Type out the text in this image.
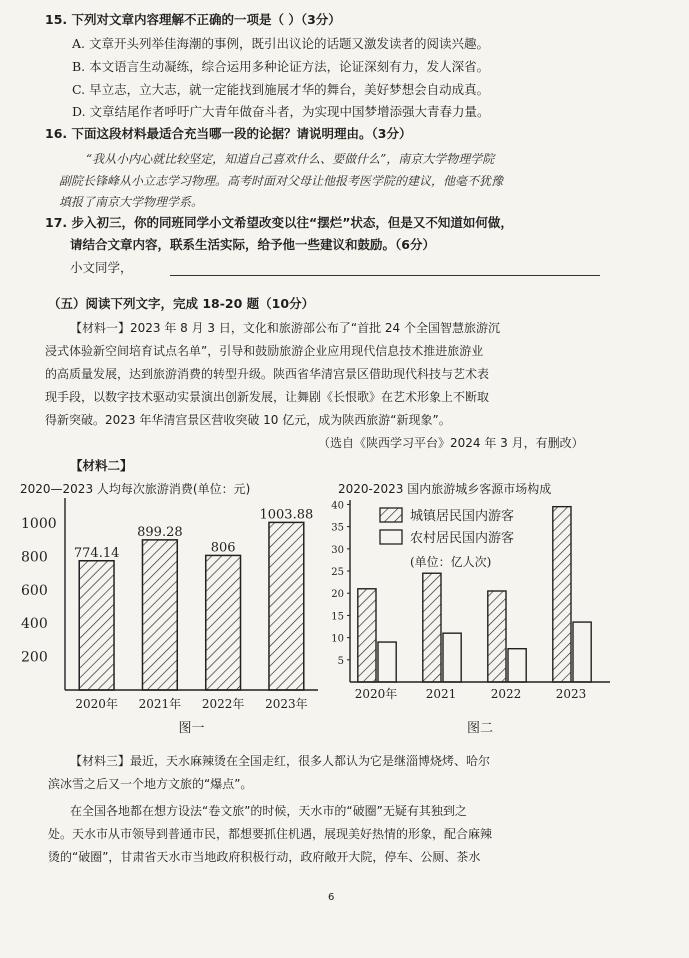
15. 下列对文章内容理解不正确的一项是（ ）（3分）
A. 文章开头列举佳海潮的事例，既引出议论的话题又激发读者的阅读兴趣。
B. 本文语言生动凝练，综合运用多种论证方法，论证深刻有力，发人深省。
C. 早立志，立大志，就一定能找到施展才华的舞台，美好梦想会自动成真。
D. 文章结尾作者呼吁广大青年做奋斗者，为实现中国梦增添强大青春力量。
16. 下面这段材料最适合充当哪一段的论据？请说明理由。（3分）
“我从小内心就比较坚定，知道自己喜欢什么、要做什么”，南京大学物理学院
副院长锋峰从小立志学习物理。高考时面对父母让他报考医学院的建议，他毫不犹豫
填报了南京大学物理学系。
17. 步入初三，你的同班同学小文希望改变以往“摆烂”状态，但是又不知道如何做，
请结合文章内容，联系生活实际，给予他一些建议和鼓励。（6分）
小文同学，
（五）阅读下列文字，完成 18-20 题（10分）
【材料一】2023 年 8 月 3 日，文化和旅游部公布了“首批 24 个全国智慧旅游沉
浸式体验新空间培育试点名单”，引导和鼓励旅游企业应用现代信息技术推进旅游业
的高质量发展，达到旅游消费的转型升级。陕西省华清宫景区借助现代科技与艺术表
现手段，以数字技术驱动实景演出创新发展，让舞剧《长恨歌》在艺术形象上不断取
得新突破。2023 年华清宫景区营收突破 10 亿元，成为陕西旅游“新现象”。
（选自《陕西学习平台》2024 年 3 月，有删改）
【材料二】
2020—2023 人均每次旅游消费(单位：元)	2020-2023 国内旅游城乡客源市场构成
200
400
600
800
1000
774.14
2020年
899.28
2021年
806
2022年
1003.88
2023年
图一
5
10
15
20
25
30
35
40
2020年 2021	2022	2023
城镇居民国内游客
农村居民国内游客
(单位：亿人次)
图二
【材料三】最近，天水麻辣烫在全国走红，很多人都认为它是继淄博烧烤、哈尔
滨冰雪之后又一个地方文旅的“爆点”。
在全国各地都在想方设法“卷文旅”的时候，天水市的“破圈”无疑有其独到之
处。天水市从市领导到普通市民，都想要抓住机遇，展现美好热情的形象，配合麻辣
烫的“破圈”，甘肃省天水市当地政府积极行动，政府敞开大院，停车、公厕、茶水
6
